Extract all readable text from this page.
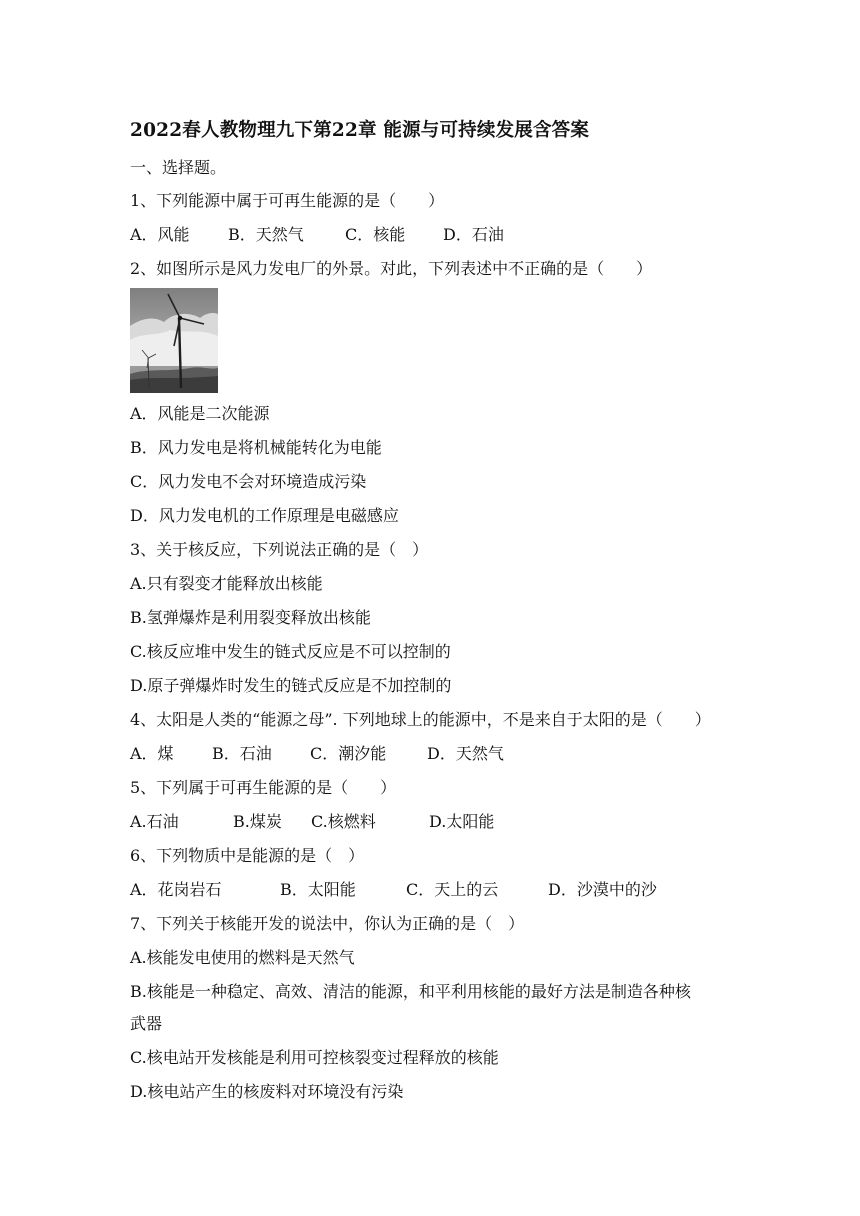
2022春人教物理九下第22章 能源与可持续发展含答案
一、选择题。
1、下列能源中属于可再生能源的是（　　）
A．风能 B．天然气	C．核能 D．石油
2、如图所示是风力发电厂的外景。对此，下列表述中不正确的是（　　）
A．风能是二次能源
B．风力发电是将机械能转化为电能
C．风力发电不会对环境造成污染
D．风力发电机的工作原理是电磁感应
3、关于核反应，下列说法正确的是（　）
A.只有裂变才能释放出核能
B.氢弹爆炸是利用裂变释放出核能
C.核反应堆中发生的链式反应是不可以控制的
D.原子弹爆炸时发生的链式反应是不加控制的
4、太阳是人类的“能源之母”. 下列地球上的能源中，不是来自于太阳的是（　　）
A．煤 B．石油 C．潮汐能	D．天然气
5、下列属于可再生能源的是（　　）
A.石油	B.煤炭 C.核燃料	D.太阳能
6、下列物质中是能源的是（　）
A．花岗岩石	B．太阳能	C．天上的云	D．沙漠中的沙
7、下列关于核能开发的说法中，你认为正确的是（　）
A.核能发电使用的燃料是天然气
B.核能是一种稳定、高效、清洁的能源，和平利用核能的最好方法是制造各种核
武器
C.核电站开发核能是利用可控核裂变过程释放的核能
D.核电站产生的核废料对环境没有污染
